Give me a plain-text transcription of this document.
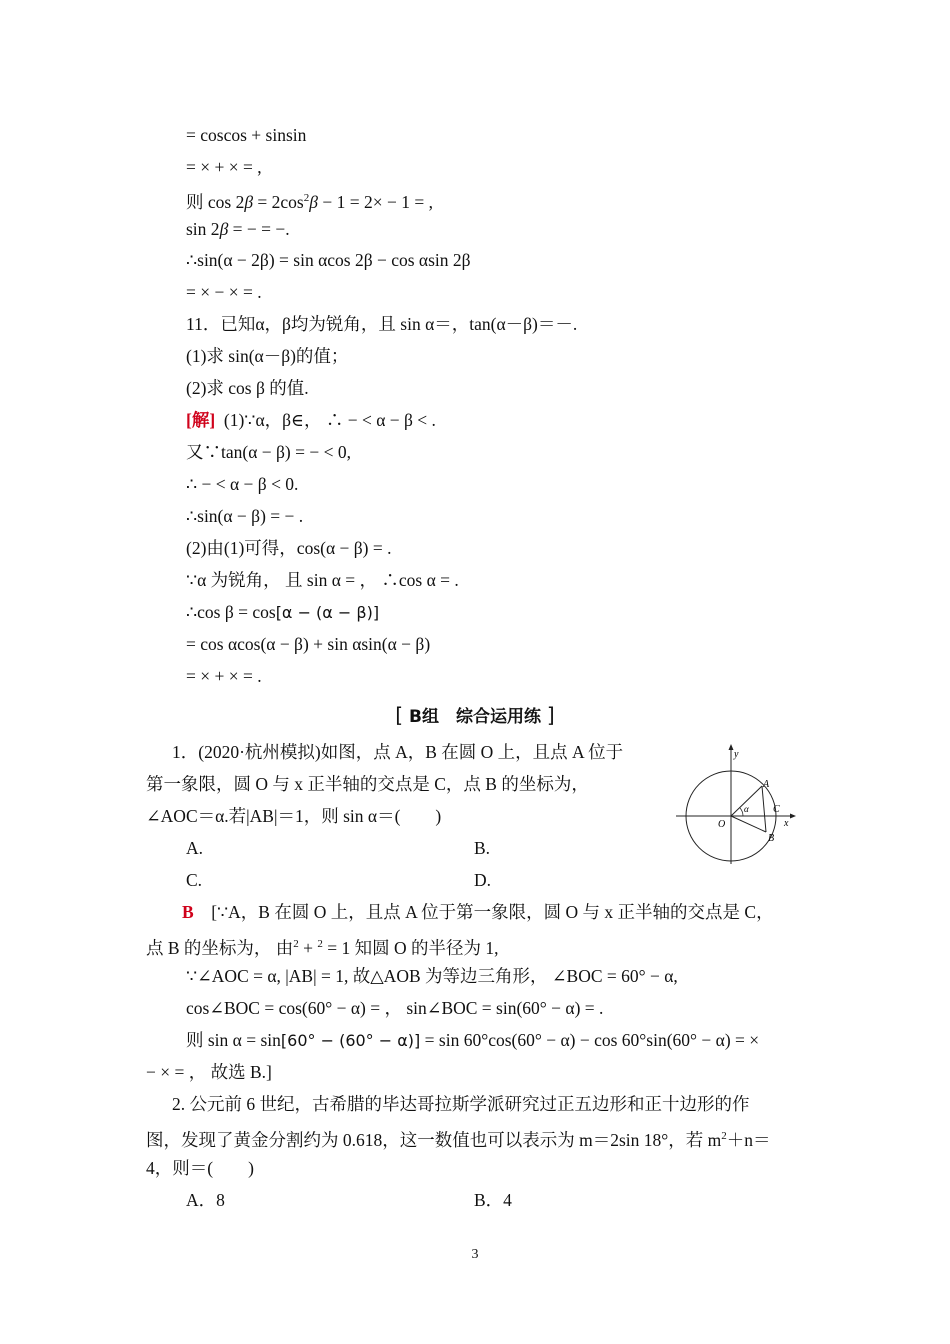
= coscos + sinsin
= × + × = ,
则 $\cos 2\beta = 2\cos^2\beta - 1 = 2\times - 1$ = ,
sin 2β = − = −.
∴sin(α − 2β) = sin αcos 2β − cos αsin 2β
= × − × = .
11．已知α，β均为锐角，且 sin α＝，tan(α－β)＝－.
(1)求 sin(α－β)的值；
(2)求 cos β 的值.
[解] (1)∵α，β∈， ∴ − < α − β < .
又∵tan(α − β) = − < 0,
∴ − < α − β < 0.
∴sin(α − β) = − .
(2)由(1)可得，cos(α − β) = .
∵α 为锐角， 且 sin α = ， ∴cos α = .
∴cos β = cos[α − (α − β)]
= cos αcos(α − β) + sin αsin(α − β)
= × + × = .
[ B组　综合运用练 ]
1．(2020·杭州模拟)如图，点 A，B 在圆 O 上，且点 A 位于
第一象限，圆 O 与 x 正半轴的交点是 C，点 B 的坐标为，
∠AOC＝α.若|AB|＝1，则 sin α＝(　　)
A.	B.
C.	D.
y
x
O
A
B
C
α
B [∵A，B 在圆 O 上，且点 A 位于第一象限，圆 O 与 x 正半轴的交点是 C，
点 B 的坐标为， 由$^2$ + $^2$ = 1 知圆 O 的半径为 1,
∵∠AOC = α, |AB| = 1, 故△AOB 为等边三角形， ∠BOC = 60° − α,
cos∠BOC = cos(60° − α) = ， sin∠BOC = sin(60° − α) = .
则 sin α = sin[60° − (60° − α)] = sin 60°cos(60° − α) − cos 60°sin(60° − α) = ×
− × = ， 故选 B.]
2. 公元前 6 世纪，古希腊的毕达哥拉斯学派研究过正五边形和正十边形的作
图，发现了黄金分割约为 0.618，这一数值也可以表示为 m＝2sin 18°，若 $m^2+n=$
4，则＝(　　)
A．8	B．4
3
